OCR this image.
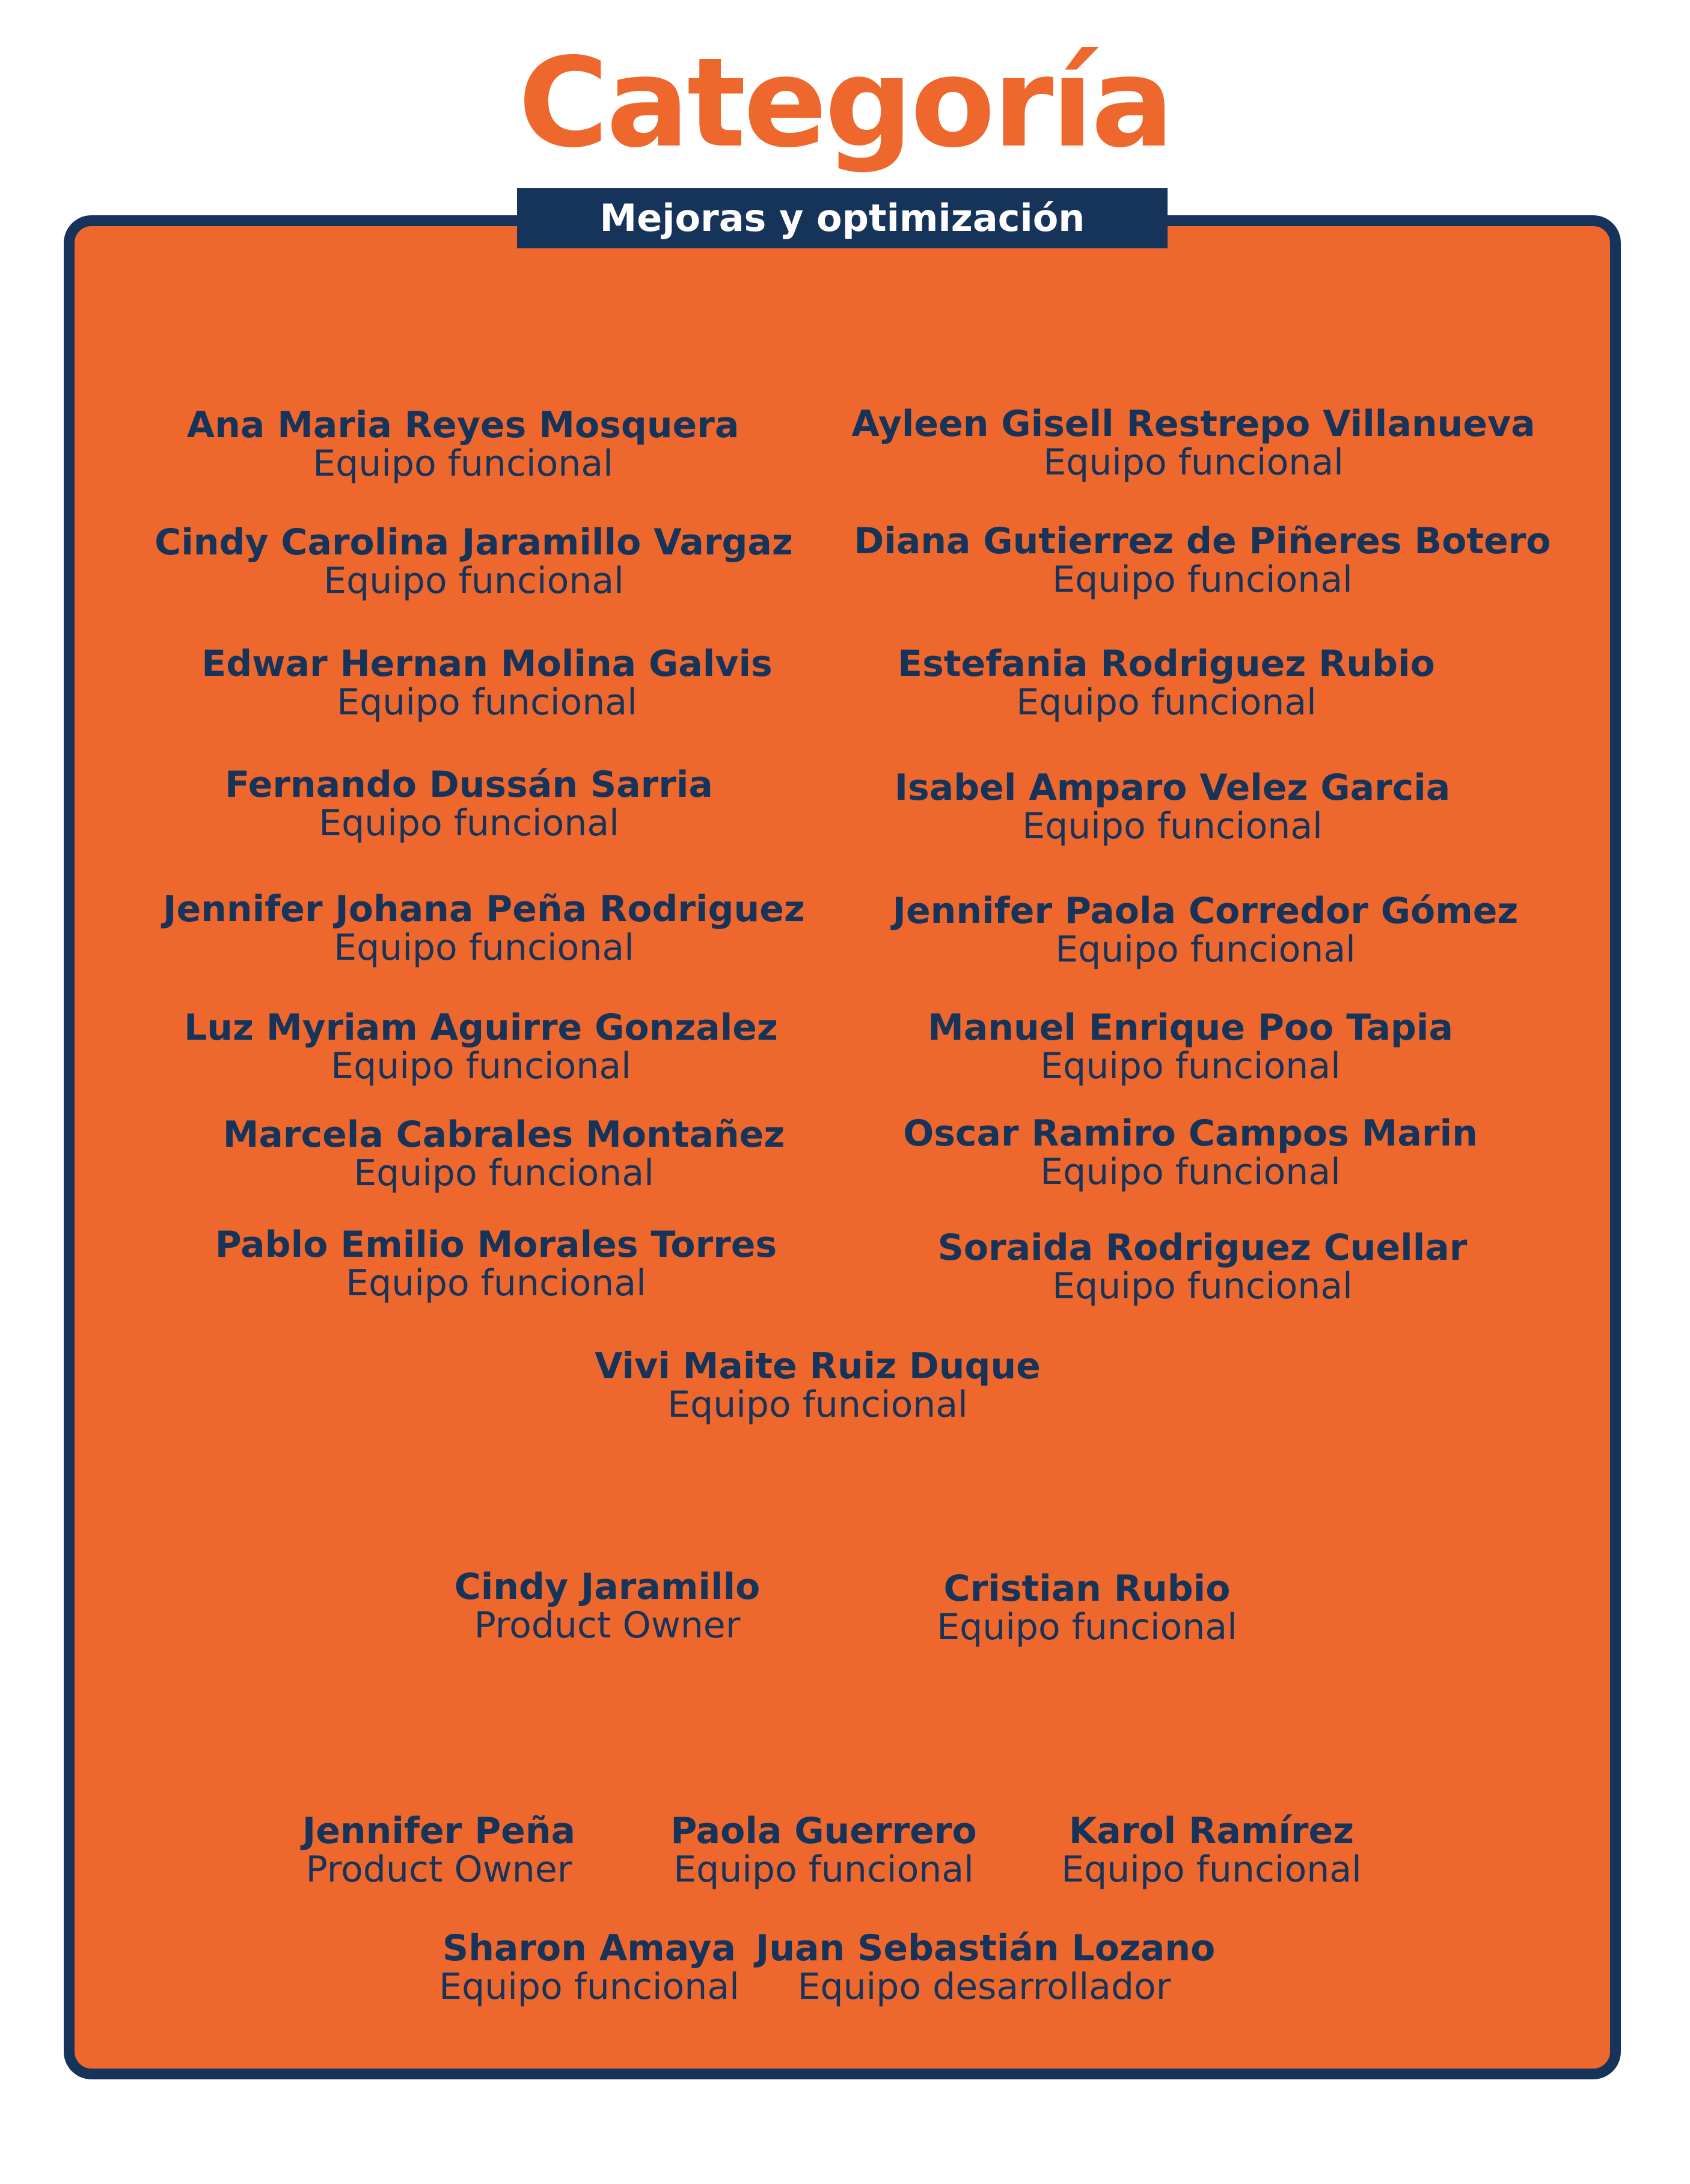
Categoría
Mejoras y optimización
Ana Maria Reyes Mosquera
Equipo funcional
Ayleen Gisell Restrepo Villanueva
Equipo funcional
Cindy Carolina Jaramillo Vargaz
Equipo funcional
Diana Gutierrez de Piñeres Botero
Equipo funcional
Edwar Hernan Molina Galvis
Equipo funcional
Estefania Rodriguez Rubio
Equipo funcional
Fernando Dussán Sarria
Equipo funcional
Isabel Amparo Velez Garcia
Equipo funcional
Jennifer Johana Peña Rodriguez
Equipo funcional
Jennifer Paola Corredor Gómez
Equipo funcional
Luz Myriam Aguirre Gonzalez
Equipo funcional
Manuel Enrique Poo Tapia
Equipo funcional
Marcela Cabrales Montañez
Equipo funcional
Oscar Ramiro Campos Marin
Equipo funcional
Pablo Emilio Morales Torres
Equipo funcional
Soraida Rodriguez Cuellar
Equipo funcional
Vivi Maite Ruiz Duque
Equipo funcional
Cindy Jaramillo
Product Owner
Cristian Rubio
Equipo funcional
Jennifer Peña
Product Owner
Paola Guerrero
Equipo funcional
Karol Ramírez
Equipo funcional
Sharon Amaya
Equipo funcional
Juan Sebastián Lozano
Equipo desarrollador
